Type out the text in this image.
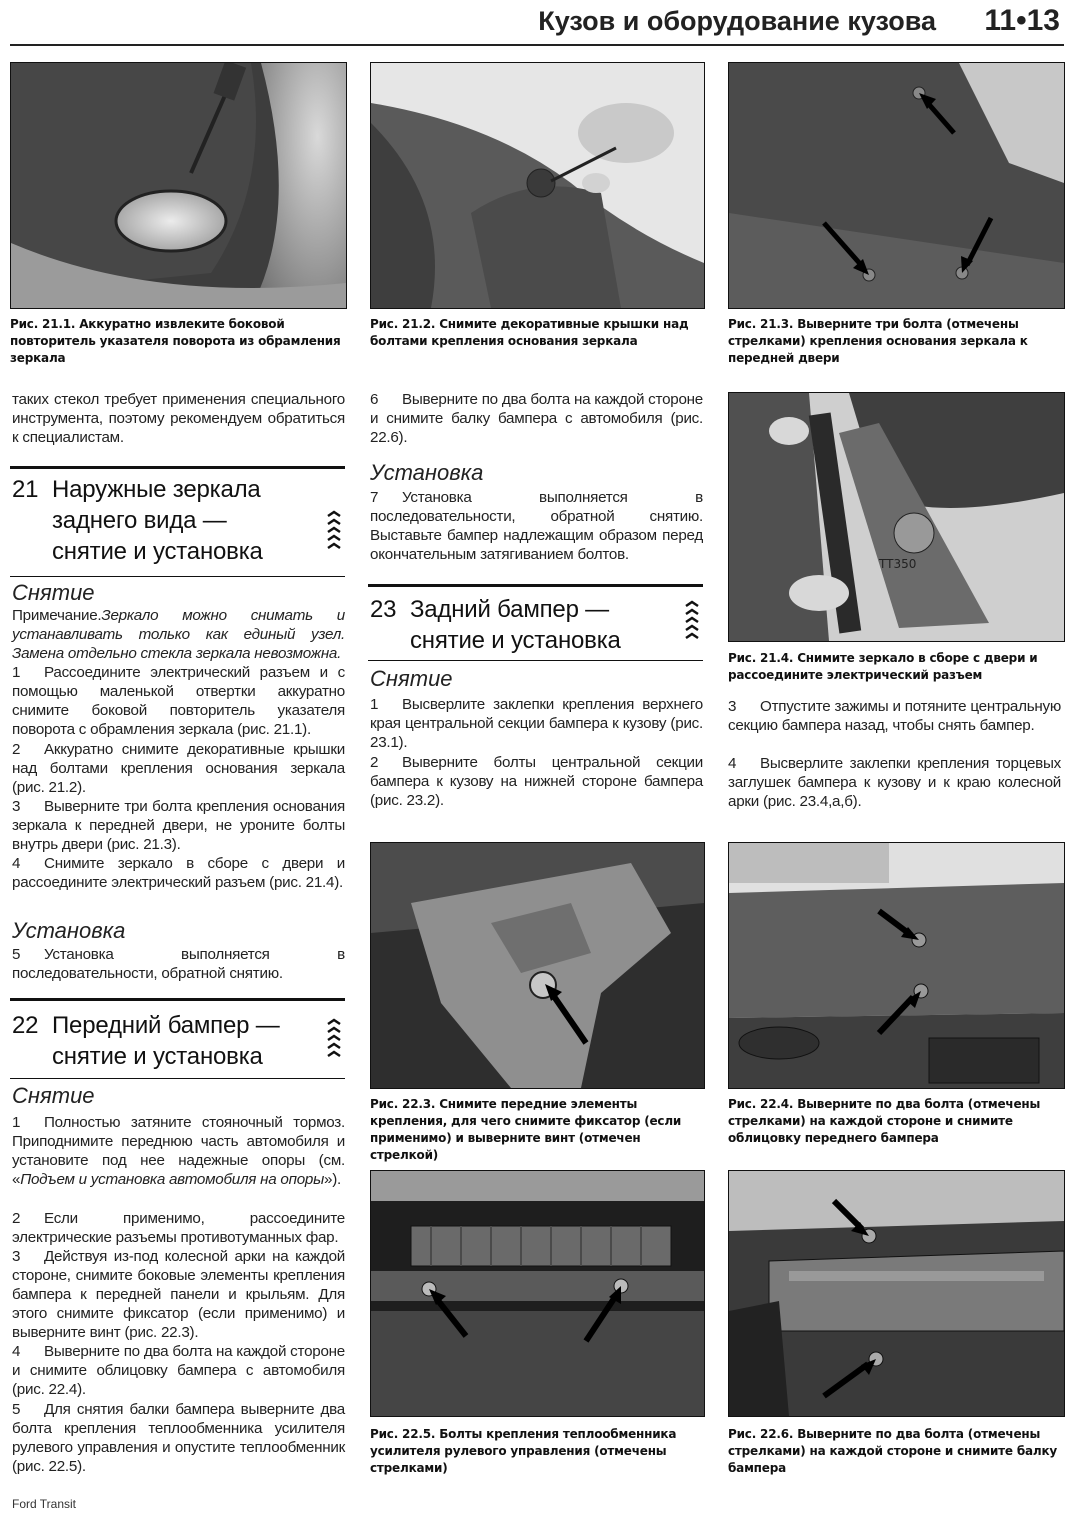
Кузов и оборудование кузова 11•13
Рис. 21.1. Аккуратно извлеките боковой повторитель указателя поворота из обрамления зеркала
Рис. 21.2. Снимите декоративные крышки над болтами крепления основания зеркала
Рис. 21.3. Выверните три болта (отмечены стрелками) крепления основания зеркала к передней двери
таких стекол требует применения специального инструмента, поэтому рекомендуем обратиться к специалистам.
21 Наружные зеркала
заднего вида —
снятие и установка
Снятие
Примечание.Зеркало можно снимать и устанавливать только как единый узел. Замена отдельно стекла зеркала невозможна.
1 Рассоедините электрический разъем и с помощью маленькой отвертки аккуратно снимите боковой повторитель указателя поворота с обрамления зеркала (рис. 21.1).
2 Аккуратно снимите декоративные крышки над болтами крепления основания зеркала (рис. 21.2).
3 Выверните три болта крепления основания зеркала к передней двери, не уроните болты внутрь двери (рис. 21.3).
4 Снимите зеркало в сборе с двери и рассоедините электрический разъем (рис. 21.4).
Установка
5 Установка выполняется в последовательности, обратной снятию.
22 Передний бампер —
снятие и установка
Снятие
1 Полностью затяните стояночный тормоз. Приподнимите переднюю часть автомобиля и установите под нее надежные опоры (см. «Подъем и установка автомобиля на опоры»).
2 Если применимо, рассоедините электрические разъемы противотуманных фар.
3 Действуя из-под колесной арки на каждой стороне, снимите боковые элементы крепления бампера к передней панели и крыльям. Для этого снимите фиксатор (если применимо) и выверните винт (рис. 22.3).
4 Выверните по два болта на каждой стороне и снимите облицовку бампера с автомобиля (рис. 22.4).
5 Для снятия балки бампера выверните два болта крепления теплообменника усилителя рулевого управления и опустите теплообменник (рис. 22.5).
Ford Transit
6 Выверните по два болта на каждой стороне и снимите балку бампера с автомобиля (рис. 22.6).
Установка
7 Установка выполняется в последовательности, обратной снятию. Выставьте бампер надлежащим образом перед окончательным затягиванием болтов.
23 Задний бампер —
снятие и установка
Снятие
1 Высверлите заклепки крепления верхнего края центральной секции бампера к кузову (рис. 23.1).
2 Выверните болты центральной секции бампера к кузову на нижней стороне бампера (рис. 23.2).
Рис. 22.3. Снимите передние элементы крепления, для чего снимите фиксатор (если применимо) и выверните винт (отмечен стрелкой)
Рис. 22.5. Болты крепления теплообменника усилителя рулевого управления (отмечены стрелками)
TT350
Рис. 21.4. Снимите зеркало в сборе с двери и рассоедините электрический разъем
3 Отпустите зажимы и потяните центральную секцию бампера назад, чтобы снять бампер.
4 Высверлите заклепки крепления торцевых заглушек бампера к кузову и к краю колесной арки (рис. 23.4,а,б).
Рис. 22.4. Выверните по два болта (отмечены стрелками) на каждой стороне и снимите облицовку переднего бампера
Рис. 22.6. Выверните по два болта (отмечены стрелками) на каждой стороне и снимите балку бампера
